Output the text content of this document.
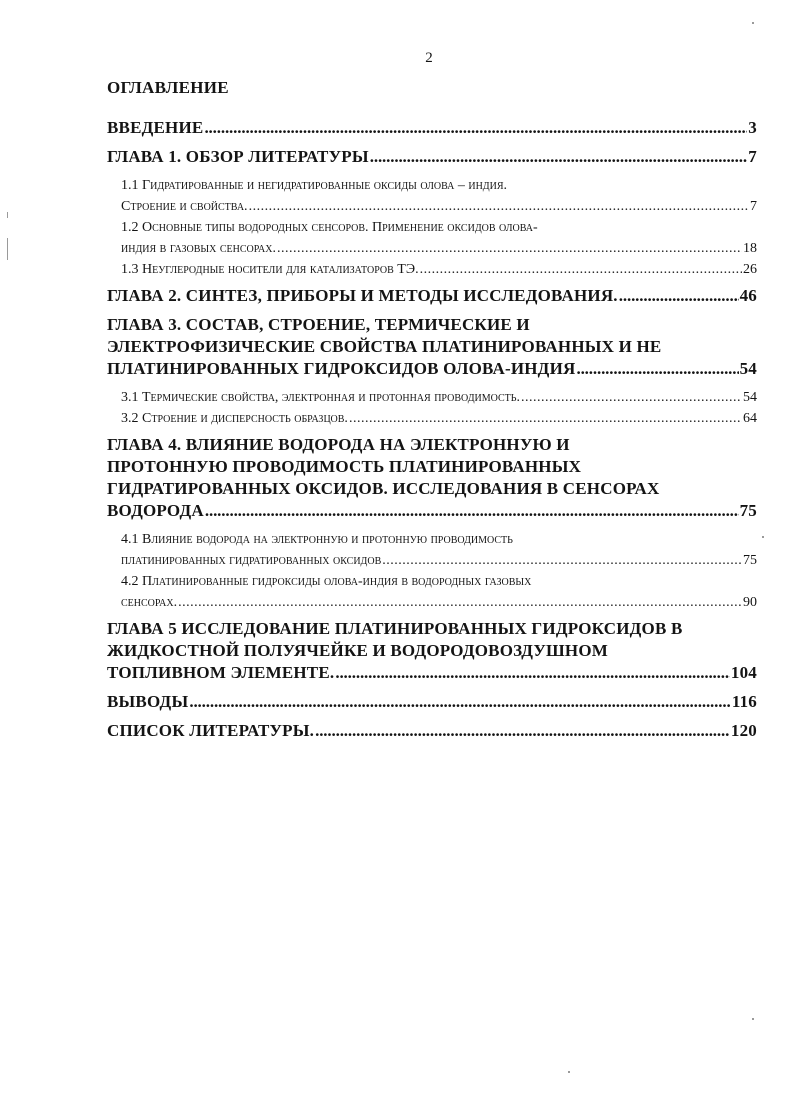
2
ОГЛАВЛЕНИЕ
ВВЕДЕНИЕ . . .	3
ГЛАВА 1. ОБЗОР ЛИТЕРАТУРЫ . . .	7
1.1 Гидратированные и негидратированные оксиды олова – индия.
Строение и свойства. . . .	7
1.2 Основные типы водородных сенсоров. Применение оксидов олова-
индия в газовых сенсорах. . . .	18
1.3 Неуглеродные носители для катализаторов ТЭ. . . .	26
ГЛАВА 2. СИНТЕЗ, ПРИБОРЫ И МЕТОДЫ ИССЛЕДОВАНИЯ. . . .	46
ГЛАВА 3. СОСТАВ, СТРОЕНИЕ, ТЕРМИЧЕСКИЕ И
ЭЛЕКТРОФИЗИЧЕСКИЕ СВОЙСТВА ПЛАТИНИРОВАННЫХ И НЕ
ПЛАТИНИРОВАННЫХ ГИДРОКСИДОВ ОЛОВА-ИНДИЯ . . .	54
3.1 Термические свойства, электронная и протонная проводимость. . . .	54
3.2 Строение и дисперсность образцов. . . .	64
ГЛАВА 4. ВЛИЯНИЕ ВОДОРОДА НА ЭЛЕКТРОННУЮ И
ПРОТОННУЮ ПРОВОДИМОСТЬ ПЛАТИНИРОВАННЫХ
ГИДРАТИРОВАННЫХ ОКСИДОВ. ИССЛЕДОВАНИЯ В СЕНСОРАХ
ВОДОРОДА . . .	75
4.1 Влияние водорода на электронную и протонную проводимость
платинированных гидратированных оксидов . . .	75
4.2 Платинированные гидроксиды олова-индия в водородных газовых
сенсорах. . . .	90
ГЛАВА 5 ИССЛЕДОВАНИЕ ПЛАТИНИРОВАННЫХ ГИДРОКСИДОВ В
ЖИДКОСТНОЙ ПОЛУЯЧЕЙКЕ И ВОДОРОДОВОЗДУШНОМ
ТОПЛИВНОМ ЭЛЕМЕНТЕ. . . .	104
ВЫВОДЫ . . .	116
СПИСОК ЛИТЕРАТУРЫ. . . .	120
